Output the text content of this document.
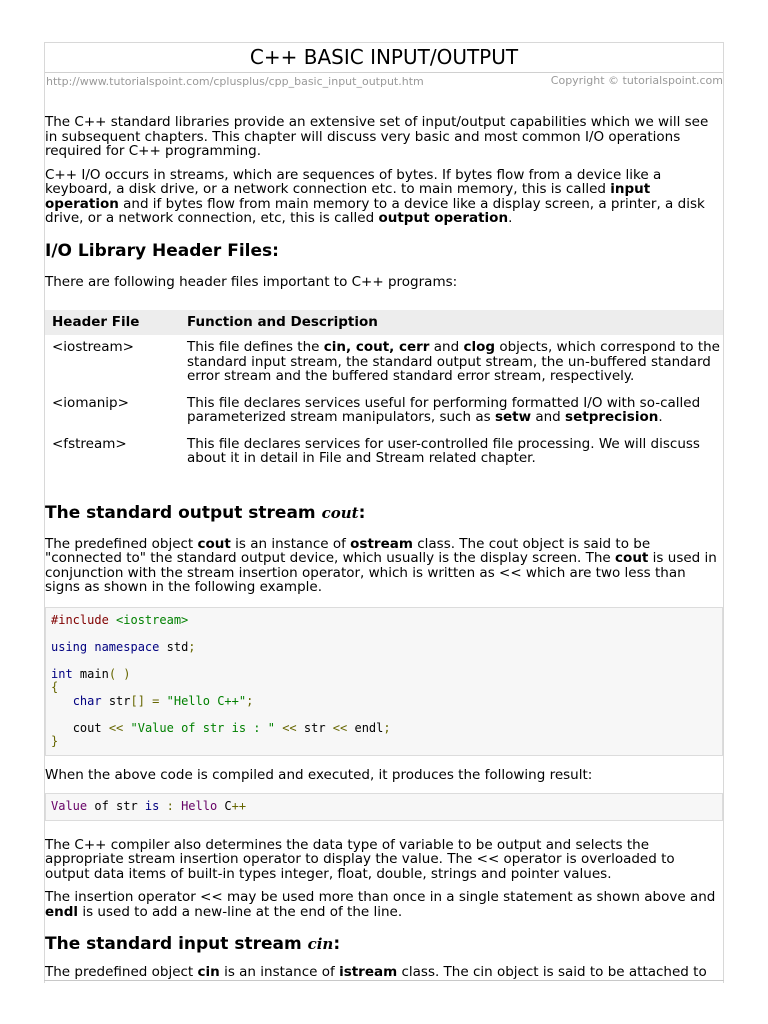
C++ BASIC INPUT/OUTPUT
http://www.tutorialspoint.com/cplusplus/cpp_basic_input_output.htm	Copyright © tutorialspoint.com

The C++ standard libraries provide an extensive set of input/output capabilities which we will see in subsequent chapters. This chapter will discuss very basic and most common I/O operations required for C++ programming.

C++ I/O occurs in streams, which are sequences of bytes. If bytes flow from a device like a keyboard, a disk drive, or a network connection etc. to main memory, this is called input operation and if bytes flow from main memory to a device like a display screen, a printer, a disk drive, or a network connection, etc, this is called output operation.

I/O Library Header Files:

There are following header files important to C++ programs:

Header File	Function and Description
<iostream>	This file defines the cin, cout, cerr and clog objects, which correspond to the standard input stream, the standard output stream, the un-buffered standard error stream and the buffered standard error stream, respectively.
<iomanip>	This file declares services useful for performing formatted I/O with so-called parameterized stream manipulators, such as setw and setprecision.
<fstream>	This file declares services for user-controlled file processing. We will discuss about it in detail in File and Stream related chapter.
The standard output stream cout:

The predefined object cout is an instance of ostream class. The cout object is said to be "connected to" the standard output device, which usually is the display screen. The cout is used in conjunction with the stream insertion operator, which is written as << which are two less than signs as shown in the following example.

#include <iostream>

using namespace std;

int main( )
{
char str[] = "Hello C++";

cout << "Value of str is : " << str << endl;
}

When the above code is compiled and executed, it produces the following result:

Value of str is : Hello C++

The C++ compiler also determines the data type of variable to be output and selects the appropriate stream insertion operator to display the value. The << operator is overloaded to output data items of built-in types integer, float, double, strings and pointer values.

The insertion operator << may be used more than once in a single statement as shown above and endl is used to add a new-line at the end of the line.

The standard input stream cin:

The predefined object cin is an instance of istream class. The cin object is said to be attached to
